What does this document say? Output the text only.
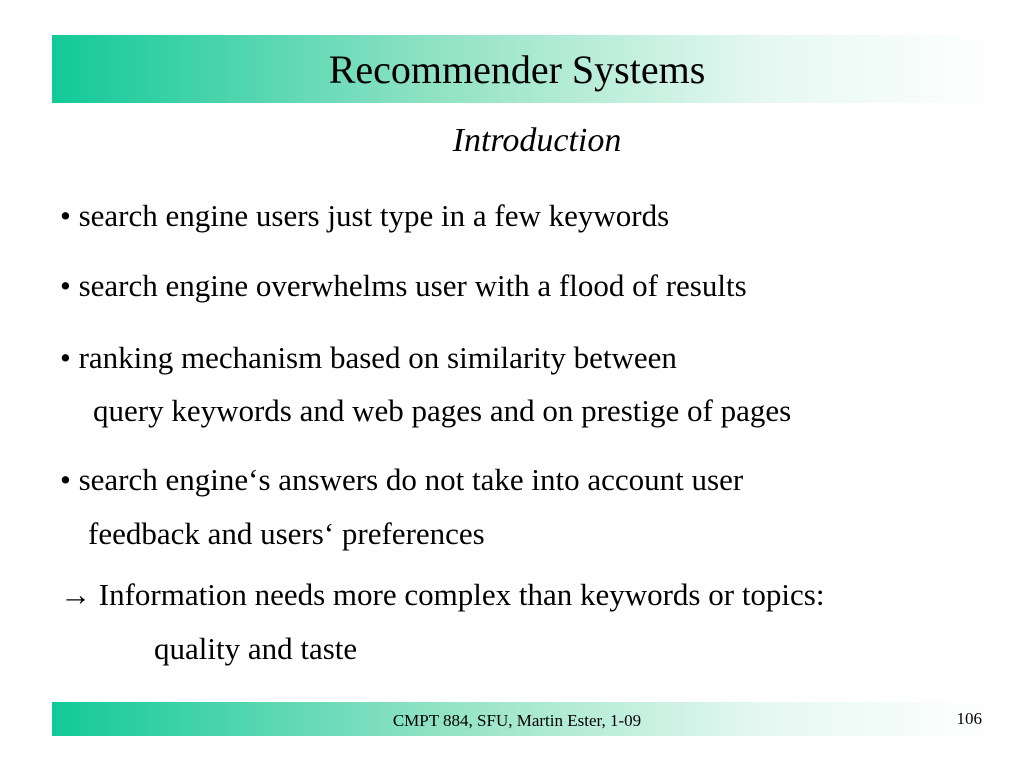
Recommender Systems
Introduction

• search engine users just type in a few keywords

• search engine overwhelms user with a flood of results

• ranking mechanism based on similarity between

query keywords and web pages and on prestige of pages

• search engine‘s answers do not take into account user

feedback and users‘ preferences

→ Information needs more complex than keywords or topics:

quality and taste

CMPT 884, SFU, Martin Ester, 1-09	106
